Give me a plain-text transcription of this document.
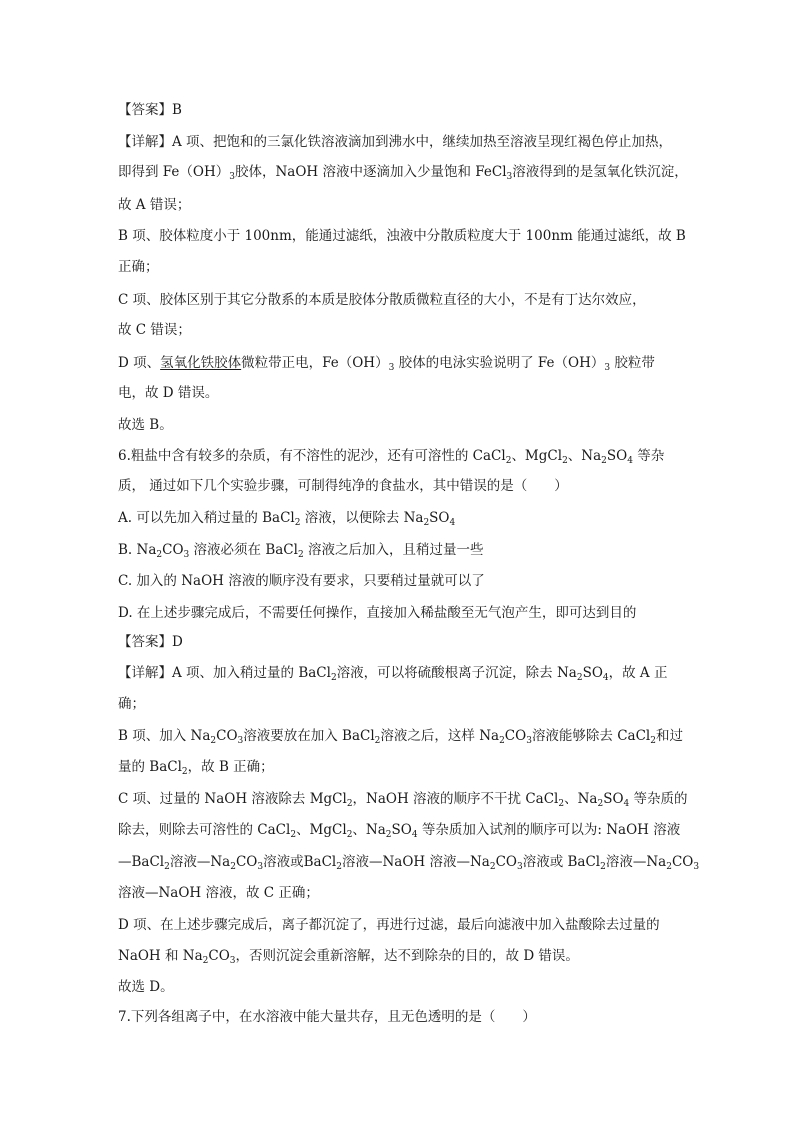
【答案】B
【详解】A 项、把饱和的三氯化铁溶液滴加到沸水中，继续加热至溶液呈现红褐色停止加热，
即得到 $Fe(OH)_3$胶体，NaOH 溶液中逐滴加入少量饱和 FeCl$_3$溶液得到的是氢氧化铁沉淀，
故 A 错误；
B 项、胶体粒度小于 100nm，能通过滤纸，浊液中分散质粒度大于 100nm 能通过滤纸，故 B
正确；
C 项、胶体区别于其它分散系的本质是胶体分散质微粒直径的大小，不是有丁达尔效应，
故 C 错误；
D 项、氢氧化铁胶体微粒带正电，$Fe(OH)_3$ 胶体的电泳实验说明了 $Fe(OH)_3$ 胶粒带
电，故 D 错误。
故选 B。
6.粗盐中含有较多的杂质，有不溶性的泥沙，还有可溶性的 CaCl$_2$、MgCl$_2$、$Na_2SO_4$ 等杂
质， 通过如下几个实验步骤，可制得纯净的食盐水，其中错误的是（　　）
A. 可以先加入稍过量的 BaCl$_2$ 溶液，以便除去 $Na_2SO_4$
B. $Na_2CO_3$ 溶液必须在 BaCl$_2$ 溶液之后加入，且稍过量一些
C. 加入的 NaOH 溶液的顺序没有要求，只要稍过量就可以了
D. 在上述步骤完成后，不需要任何操作，直接加入稀盐酸至无气泡产生，即可达到目的
【答案】D
【详解】A 项、加入稍过量的 BaCl$_2$溶液，可以将硫酸根离子沉淀，除去 $Na_2SO_4$，故 A 正
确；
B 项、加入 $Na_2CO_3$溶液要放在加入 BaCl$_2$溶液之后，这样 $Na_2CO_3$溶液能够除去 CaCl$_2$和过
量的 BaCl$_2$，故 B 正确；
C 项、过量的 NaOH 溶液除去 MgCl$_2$，NaOH 溶液的顺序不干扰 CaCl$_2$、$Na_2SO_4$ 等杂质的
除去，则除去可溶性的 CaCl$_2$、MgCl$_2$、$Na_2SO_4$ 等杂质加入试剂的顺序可以为: NaOH 溶液
—BaCl$_2$溶液$—Na_2CO_3$溶液或BaCl$_2$溶液—NaOH 溶液$—Na_2CO_3$溶液或 BaCl$_2$溶液$—Na_2CO_3$
溶液—NaOH 溶液，故 C 正确；
D 项、在上述步骤完成后，离子都沉淀了，再进行过滤，最后向滤液中加入盐酸除去过量的
NaOH 和 $Na_2CO_3$，否则沉淀会重新溶解，达不到除杂的目的，故 D 错误。
故选 D。
7.下列各组离子中，在水溶液中能大量共存，且无色透明的是（　　）
